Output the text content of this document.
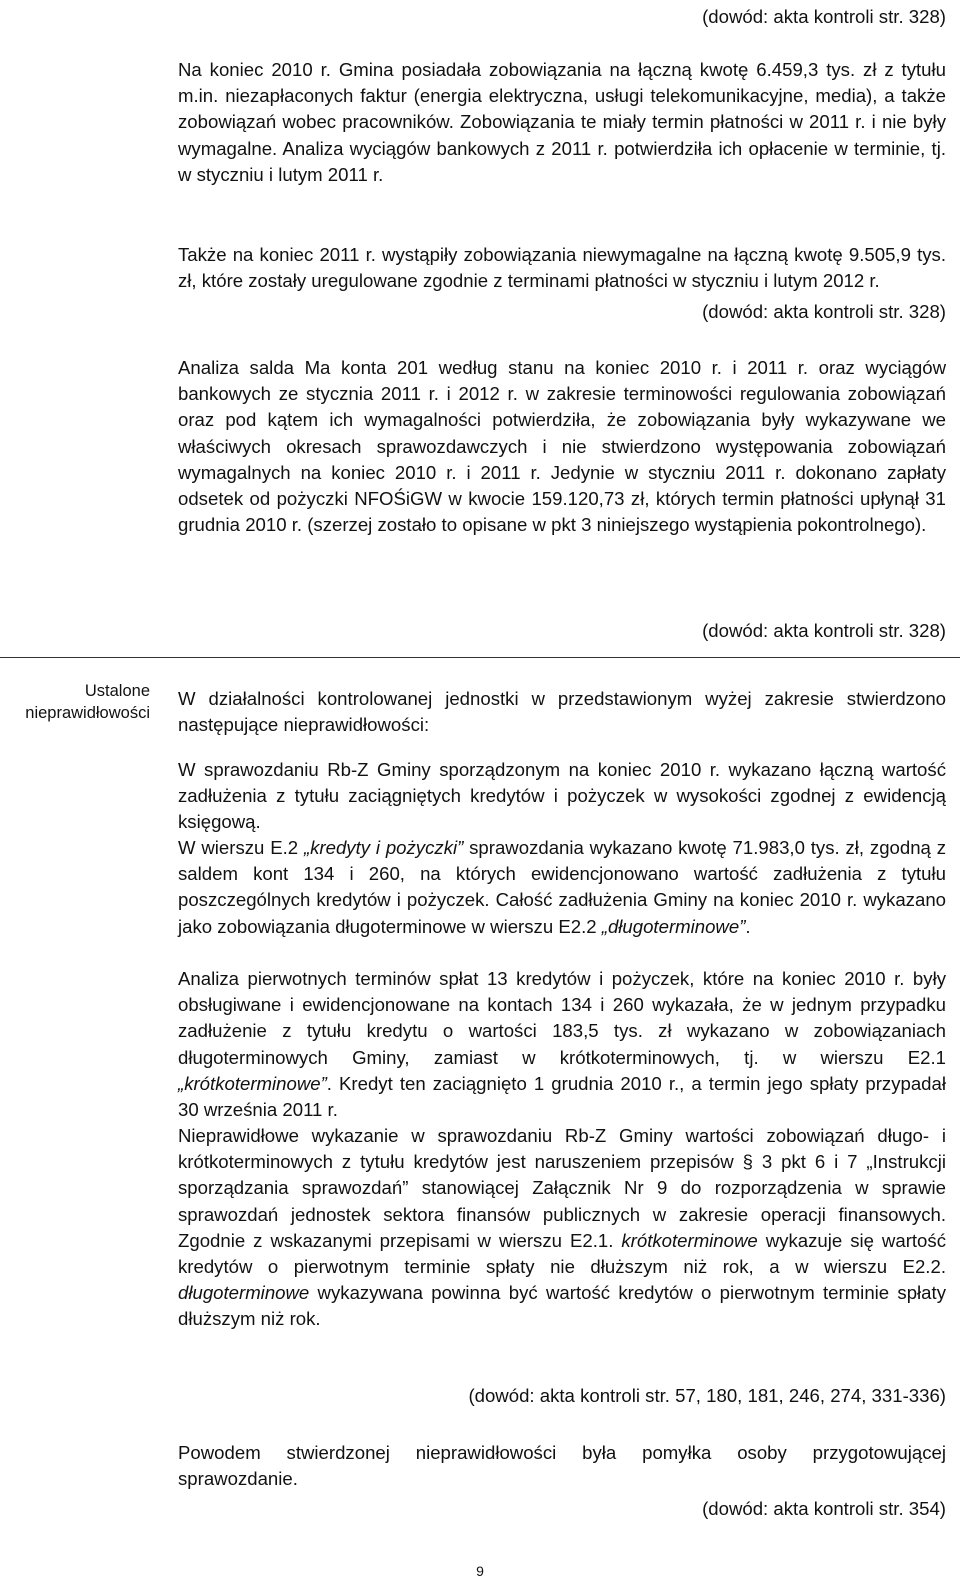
(dowód: akta kontroli str. 328)

Na koniec 2010 r. Gmina posiadała zobowiązania na łączną kwotę 6.459,3 tys. zł z tytułu m.in. niezapłaconych faktur (energia elektryczna, usługi telekomunikacyjne, media), a także zobowiązań wobec pracowników. Zobowiązania te miały termin płatności w 2011 r. i nie były wymagalne. Analiza wyciągów bankowych z 2011 r. potwierdziła ich opłacenie w terminie, tj. w styczniu i lutym 2011 r.

Także na koniec 2011 r. wystąpiły zobowiązania niewymagalne na łączną kwotę 9.505,9 tys. zł, które zostały uregulowane zgodnie z terminami płatności w styczniu i lutym 2012 r.

(dowód: akta kontroli str. 328)

Analiza salda Ma konta 201 według stanu na koniec 2010 r. i 2011 r. oraz wyciągów bankowych ze stycznia 2011 r. i 2012 r. w zakresie terminowości regulowania zobowiązań oraz pod kątem ich wymagalności potwierdziła, że zobowiązania były wykazywane we właściwych okresach sprawozdawczych i nie stwierdzono występowania zobowiązań wymagalnych na koniec 2010 r. i 2011 r. Jedynie w styczniu 2011 r. dokonano zapłaty odsetek od pożyczki NFOŚiGW w kwocie 159.120,73 zł, których termin płatności upłynął 31 grudnia 2010 r. (szerzej zostało to opisane w pkt 3 niniejszego wystąpienia pokontrolnego).

(dowód: akta kontroli str. 328)

Ustalone
nieprawidłowości

W działalności kontrolowanej jednostki w przedstawionym wyżej zakresie stwierdzono następujące nieprawidłowości:

W sprawozdaniu Rb-Z Gminy sporządzonym na koniec 2010 r. wykazano łączną wartość zadłużenia z tytułu zaciągniętych kredytów i pożyczek w wysokości zgodnej z ewidencją księgową.

W wierszu E.2 „kredyty i pożyczki” sprawozdania wykazano kwotę 71.983,0 tys. zł, zgodną z saldem kont 134 i 260, na których ewidencjonowano wartość zadłużenia z tytułu poszczególnych kredytów i pożyczek. Całość zadłużenia Gminy na koniec 2010 r. wykazano jako zobowiązania długoterminowe w wierszu E2.2 „długoterminowe”.

Analiza pierwotnych terminów spłat 13 kredytów i pożyczek, które na koniec 2010 r. były obsługiwane i ewidencjonowane na kontach 134 i 260 wykazała, że w jednym przypadku zadłużenie z tytułu kredytu o wartości 183,5 tys. zł wykazano w zobowiązaniach długoterminowych Gminy, zamiast w krótkoterminowych, tj. w wierszu E2.1 „krótkoterminowe”. Kredyt ten zaciągnięto 1 grudnia 2010 r., a termin jego spłaty przypadał 30 września 2011 r.

Nieprawidłowe wykazanie w sprawozdaniu Rb-Z Gminy wartości zobowiązań długo- i krótkoterminowych z tytułu kredytów jest naruszeniem przepisów § 3 pkt 6 i 7 „Instrukcji sporządzania sprawozdań” stanowiącej Załącznik Nr 9 do rozporządzenia w sprawie sprawozdań jednostek sektora finansów publicznych w zakresie operacji finansowych. Zgodnie z wskazanymi przepisami w wierszu E2.1. krótkoterminowe wykazuje się wartość kredytów o pierwotnym terminie spłaty nie dłuższym niż rok, a w wierszu E2.2. długoterminowe wykazywana powinna być wartość kredytów o pierwotnym terminie spłaty dłuższym niż rok.

(dowód: akta kontroli str. 57, 180, 181, 246, 274, 331-336)

Powodem stwierdzonej nieprawidłowości była pomyłka osoby przygotowującej sprawozdanie.

(dowód: akta kontroli str. 354)

9
